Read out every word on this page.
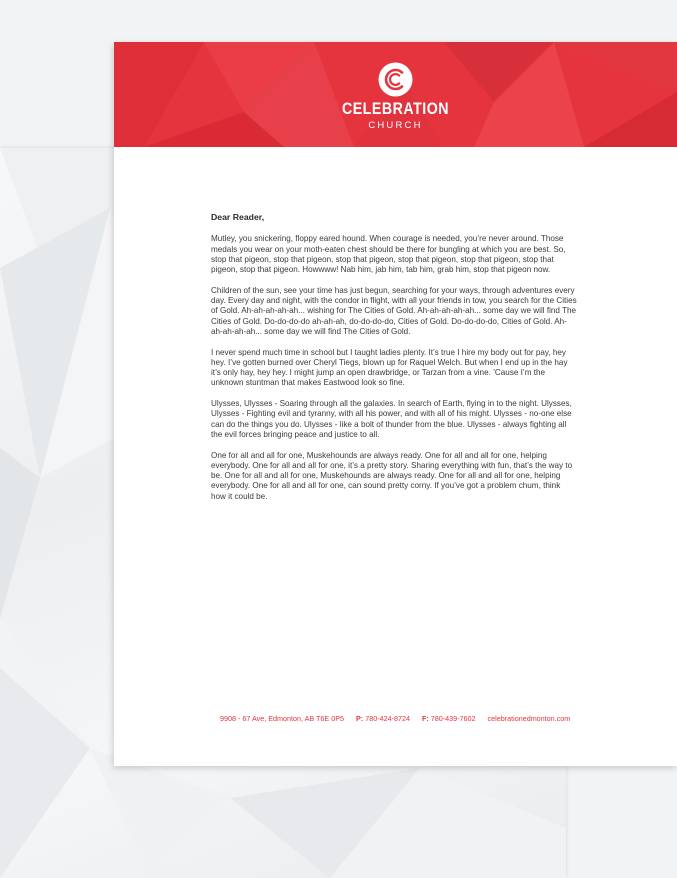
CELEBRATION
CHURCH
Dear Reader,

Mutley, you snickering, floppy eared hound. When courage is needed, you’re never around. Those medals you wear on your moth-eaten chest should be there for bungling at which you are best. So, stop that pigeon, stop that pigeon, stop that pigeon, stop that pigeon, stop that pigeon, stop that pigeon, stop that pigeon. Howwww! Nab him, jab him, tab him, grab him, stop that pigeon now.

Children of the sun, see your time has just begun, searching for your ways, through adventures every day. Every day and night, with the condor in flight, with all your friends in tow, you search for the Cities of Gold. Ah-ah-ah-ah-ah... wishing for The Cities of Gold. Ah-ah-ah-ah-ah... some day we will find The Cities of Gold. Do-do-do-do ah-ah-ah, do-do-do-do, Cities of Gold. Do-do-do-do, Cities of Gold. Ah-ah-ah-ah-ah... some day we will find The Cities of Gold.

I never spend much time in school but I taught ladies plenty. It’s true I hire my body out for pay, hey hey. I’ve gotten burned over Cheryl Tiegs, blown up for Raquel Welch. But when I end up in the hay it’s only hay, hey hey. I might jump an open drawbridge, or Tarzan from a vine. ’Cause I’m the unknown stuntman that makes Eastwood look so fine.

Ulysses, Ulysses - Soaring through all the galaxies. In search of Earth, flying in to the night. Ulysses, Ulysses - Fighting evil and tyranny, with all his power, and with all of his might. Ulysses - no-one else can do the things you do. Ulysses - like a bolt of thunder from the blue. Ulysses - always fighting all the evil forces bringing peace and justice to all.

One for all and all for one, Muskehounds are always ready. One for all and all for one, helping everybody. One for all and all for one, it’s a pretty story. Sharing everything with fun, that’s the way to be. One for all and all for one, Muskehounds are always ready. One for all and all for one, helping everybody. One for all and all for one, can sound pretty corny. If you’ve got a problem chum, think how it could be.

9908 - 67 Ave, Edmonton, AB T6E 0P5 P: 780-424-8724 F: 780-439-7602 celebrationedmonton.com
